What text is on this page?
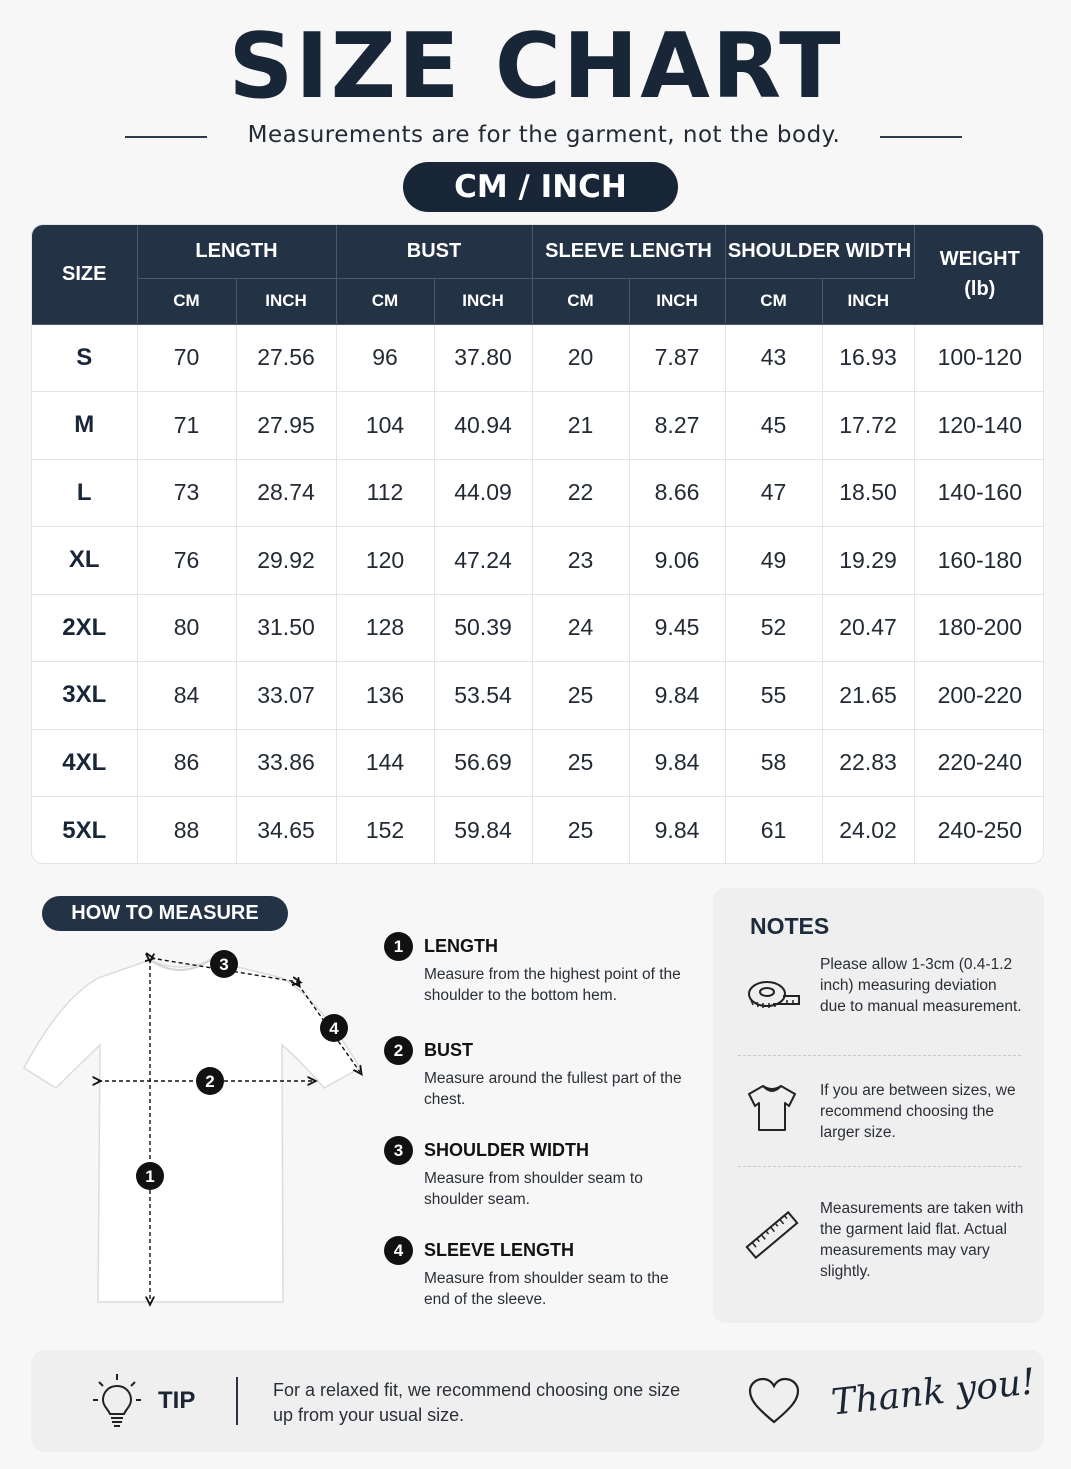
SIZE CHART
Measurements are for the garment, not the body.
CM / INCH
SIZE	LENGTH		BUST		SLEEVE LENGTH		SHOULDER WIDTH		WEIGHT (lb)
	CM	INCH	CM	INCH	CM	INCH	CM	INCH	
S	70	27.56	96	37.80	20	7.87	43	16.93	100-120
M	71	27.95	104	40.94	21	8.27	45	17.72	120-140
L	73	28.74	112	44.09	22	8.66	47	18.50	140-160
XL	76	29.92	120	47.24	23	9.06	49	19.29	160-180
2XL	80	31.50	128	50.39	24	9.45	52	20.47	180-200
3XL	84	33.07	136	53.54	25	9.84	55	21.65	200-220
4XL	86	33.86	144	56.69	25	9.84	58	22.83	220-240
5XL	88	34.65	152	59.84	25	9.84	61	24.02	240-250
HOW TO MEASURE
1
2
3
4
1	LENGTH
Measure from the highest point of the shoulder to the bottom hem.
2	BUST
Measure around the fullest part of the chest.
3	SHOULDER WIDTH
Measure from shoulder seam to shoulder seam.
4	SLEEVE LENGTH
Measure from shoulder seam to the end of the sleeve.
NOTES
Please allow 1-3cm (0.4-1.2 inch) measuring deviation due to manual measurement.
If you are between sizes, we recommend choosing the larger size.
Measurements are taken with the garment laid flat. Actual measurements may vary slightly.
TIP	For a relaxed fit, we recommend choosing one size up from your usual size.	Thank you!
